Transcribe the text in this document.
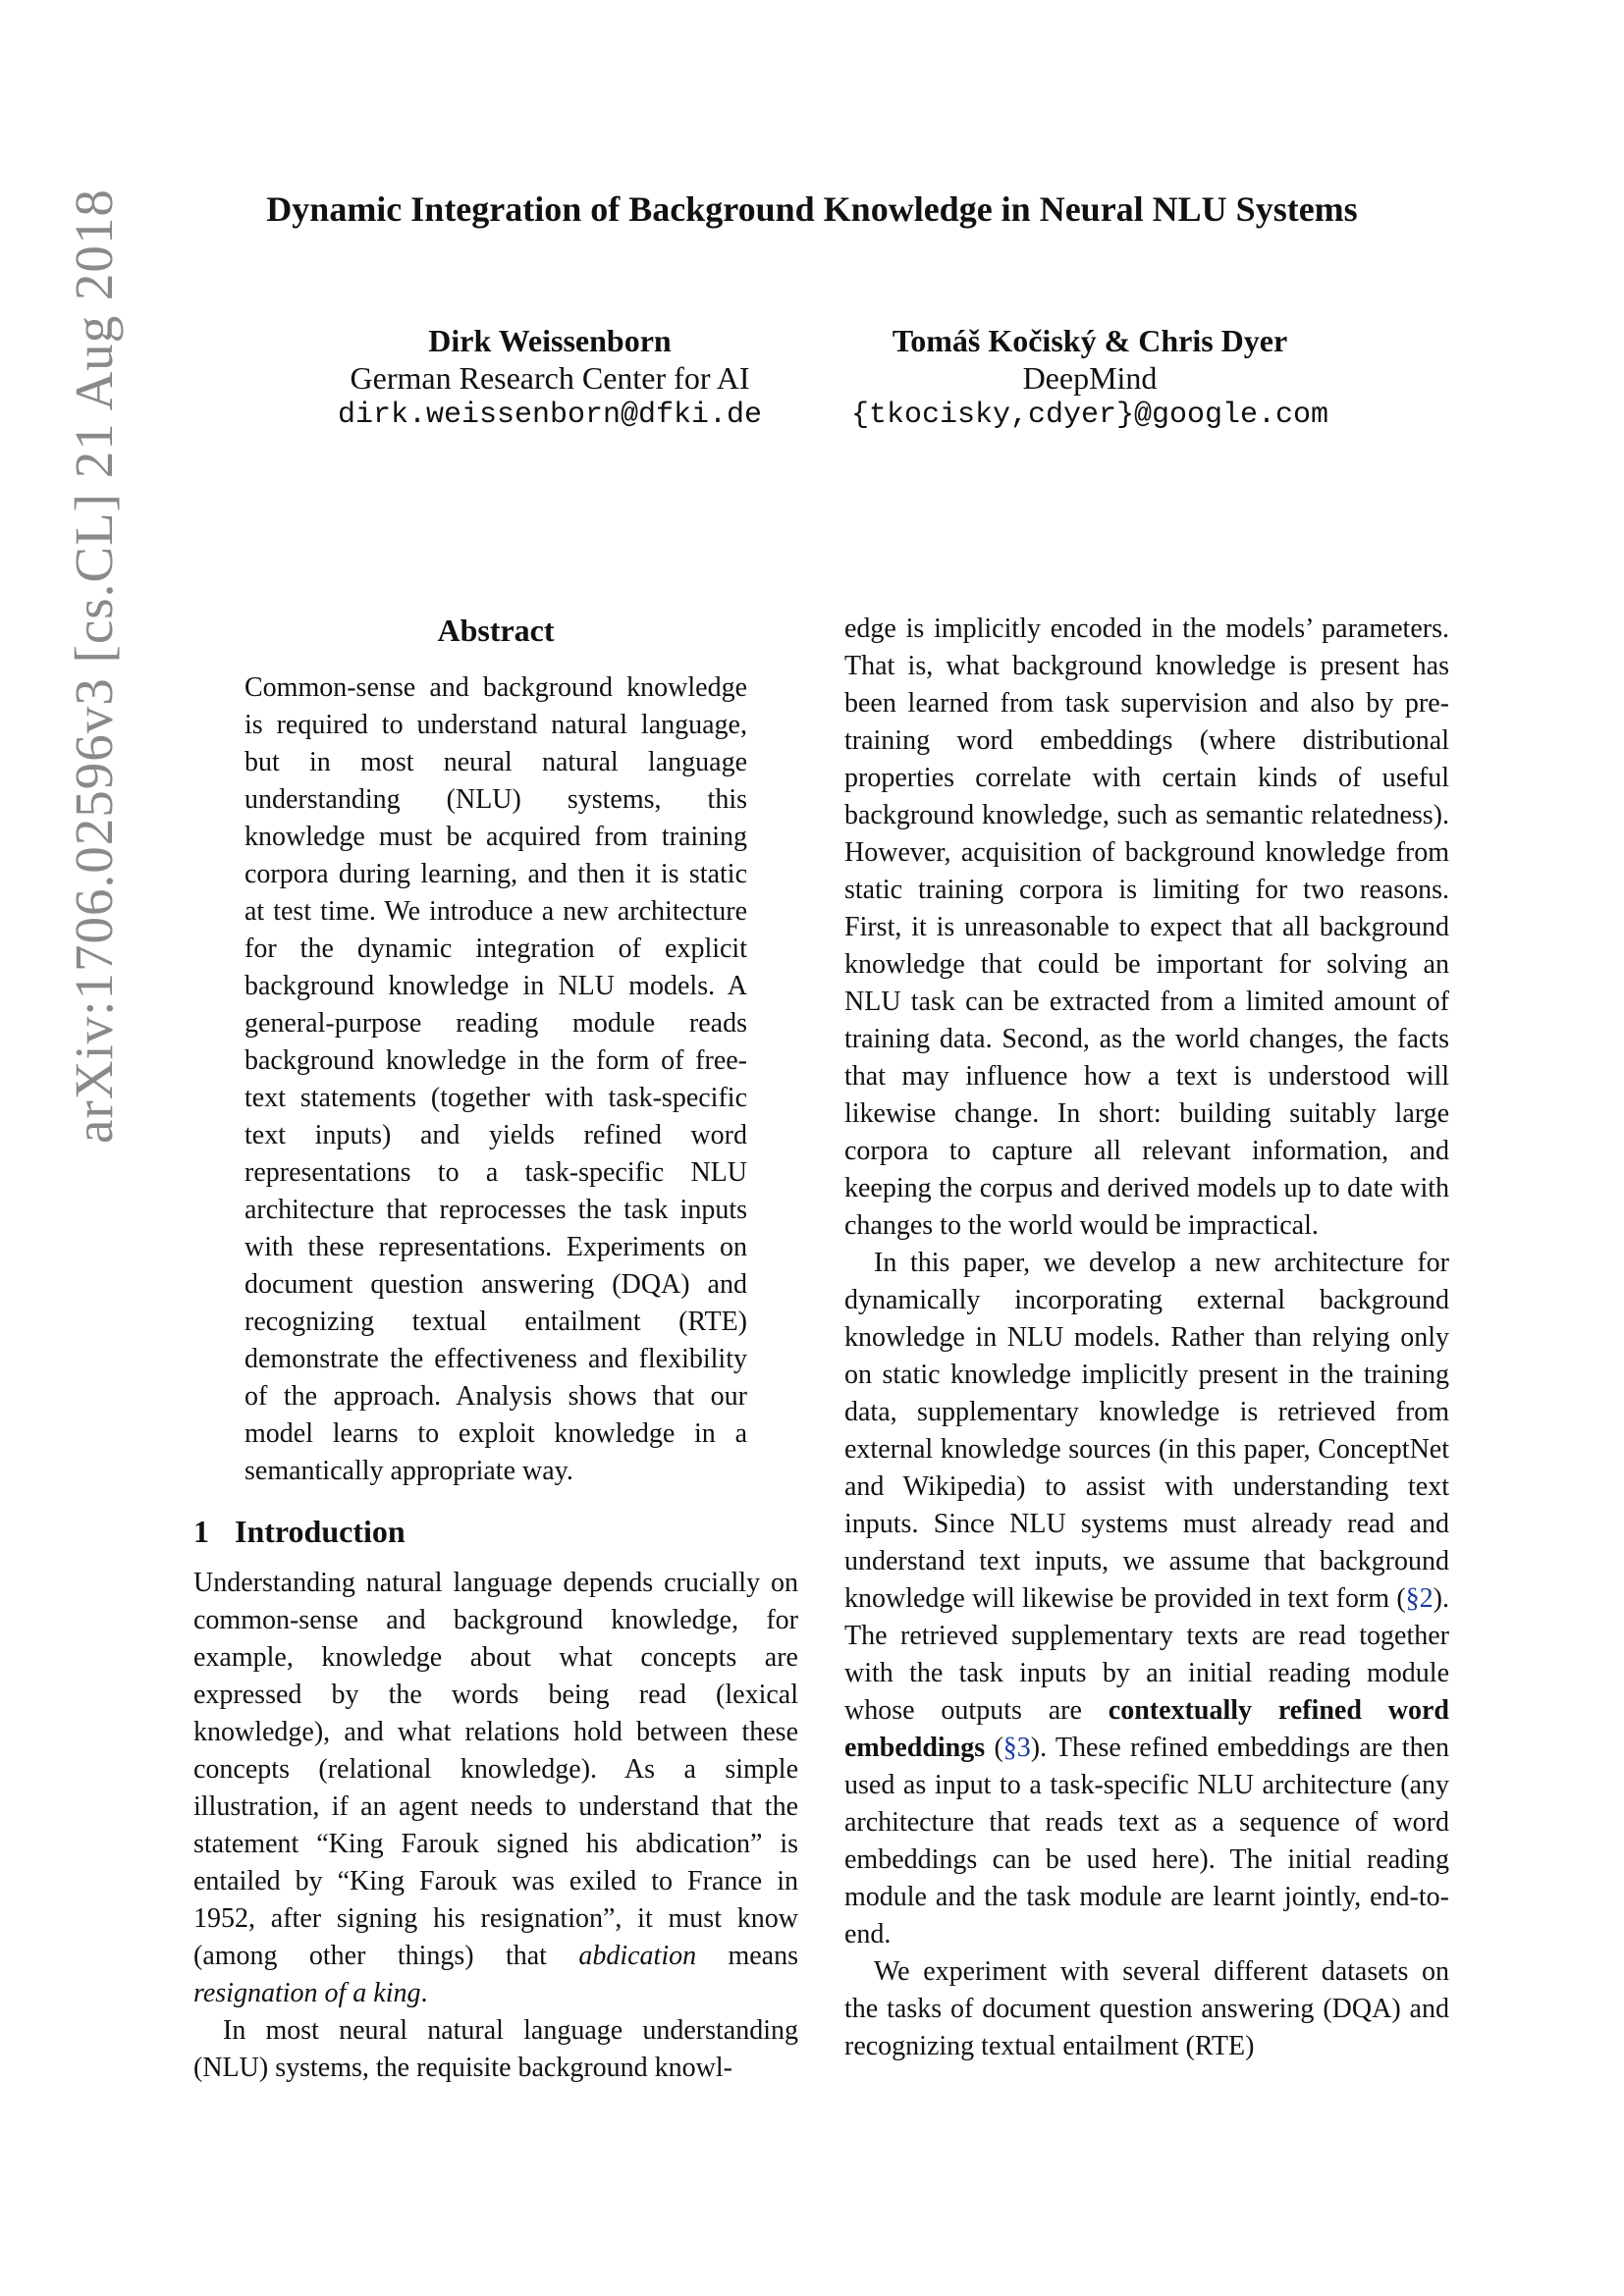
arXiv:1706.02596v3 [cs.CL] 21 Aug 2018	Dynamic Integration of Background Knowledge in Neural NLU Systems
Dirk Weissenborn
German Research Center for AI
dirk.weissenborn@dfki.de
Tomáš Kočiský & Chris Dyer
DeepMind
{tkocisky,cdyer}@google.com
Abstract

Common-sense and background knowledge is required to understand natural language, but in most neural natural language understanding (NLU) systems, this knowledge must be acquired from training corpora during learning, and then it is static at test time. We introduce a new architecture for the dynamic integration of explicit background knowledge in NLU models. A general-purpose reading module reads background knowledge in the form of free-text statements (together with task-specific text inputs) and yields refined word representations to a task-specific NLU architecture that reprocesses the task inputs with these representations. Experiments on document question answering (DQA) and recognizing textual entailment (RTE) demonstrate the effectiveness and flexibility of the approach. Analysis shows that our model learns to exploit knowledge in a semantically appropriate way.

1 Introduction

Understanding natural language depends crucially on common-sense and background knowledge, for example, knowledge about what concepts are expressed by the words being read (lexical knowledge), and what relations hold between these concepts (relational knowledge). As a simple illustration, if an agent needs to understand that the statement “King Farouk signed his abdication” is entailed by “King Farouk was exiled to France in 1952, after signing his resignation”, it must know (among other things) that abdication means resignation of a king.

In most neural natural language understanding (NLU) systems, the requisite background knowl-

edge is implicitly encoded in the models’ parameters. That is, what background knowledge is present has been learned from task supervision and also by pre-training word embeddings (where distributional properties correlate with certain kinds of useful background knowledge, such as semantic relatedness). However, acquisition of background knowledge from static training corpora is limiting for two reasons. First, it is unreasonable to expect that all background knowledge that could be important for solving an NLU task can be extracted from a limited amount of training data. Second, as the world changes, the facts that may influence how a text is understood will likewise change. In short: building suitably large corpora to capture all relevant information, and keeping the corpus and derived models up to date with changes to the world would be impractical.

In this paper, we develop a new architecture for dynamically incorporating external background knowledge in NLU models. Rather than relying only on static knowledge implicitly present in the training data, supplementary knowledge is retrieved from external knowledge sources (in this paper, ConceptNet and Wikipedia) to assist with understanding text inputs. Since NLU systems must already read and understand text inputs, we assume that background knowledge will likewise be provided in text form (§2). The retrieved supplementary texts are read together with the task inputs by an initial reading module whose outputs are contextually refined word embeddings (§3). These refined embeddings are then used as input to a task-specific NLU architecture (any architecture that reads text as a sequence of word embeddings can be used here). The initial reading module and the task module are learnt jointly, end-to-end.

We experiment with several different datasets on the tasks of document question answering (DQA) and recognizing textual entailment (RTE)
